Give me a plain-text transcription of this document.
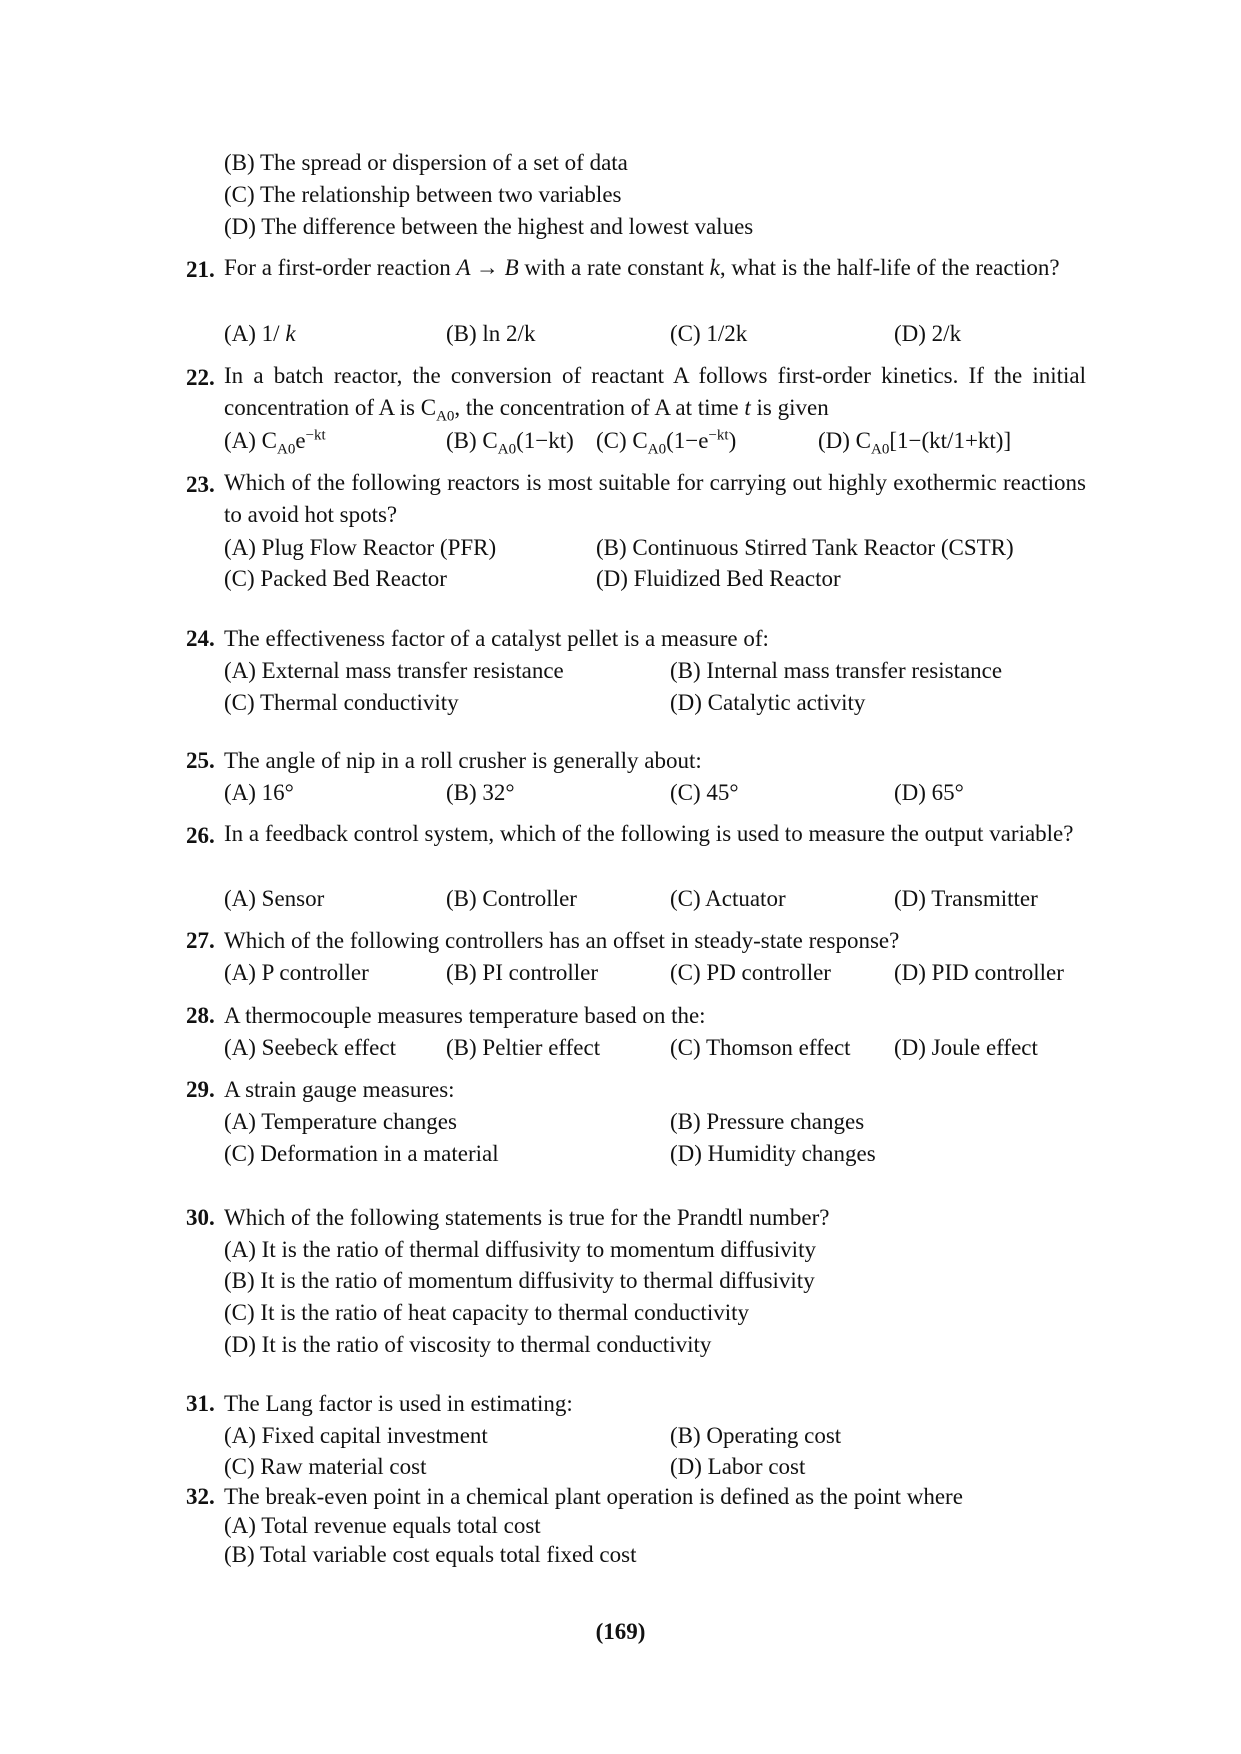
(B) The spread or dispersion of a set of data
(C) The relationship between two variables
(D) The difference between the highest and lowest values
21. For a first-order reaction A → B with a rate constant k, what is the half-life of the reaction?
(A) 1/ k	(B) ln 2/k	(C) 1/2k	(D) 2/k
22. In a batch reactor, the conversion of reactant A follows first-order kinetics. If the initial concentration of A is $C_{A0}$, the concentration of A at time t is given
(A) $C_{A0}e^{-kt}$	(B) $C_{A0}(1-kt)$ (C) $C_{A0}(1-e^{-kt})$	(D) $C_{A0}[1-(kt/1+kt)]$
23. Which of the following reactors is most suitable for carrying out highly exothermic reactions to avoid hot spots?
(A) Plug Flow Reactor (PFR)	(B) Continuous Stirred Tank Reactor (CSTR)
(C) Packed Bed Reactor	(D) Fluidized Bed Reactor
24. The effectiveness factor of a catalyst pellet is a measure of:
(A) External mass transfer resistance	(B) Internal mass transfer resistance
(C) Thermal conductivity	(D) Catalytic activity
25. The angle of nip in a roll crusher is generally about:
(A) 16°	(B) 32°	(C) 45°	(D) 65°
26. In a feedback control system, which of the following is used to measure the output variable?
(A) Sensor	(B) Controller	(C) Actuator	(D) Transmitter
27. Which of the following controllers has an offset in steady-state response?
(A) P controller	(B) PI controller	(C) PD controller	(D) PID controller
28. A thermocouple measures temperature based on the:
(A) Seebeck effect (B) Peltier effect	(C) Thomson effect (D) Joule effect
29. A strain gauge measures:
(A) Temperature changes	(B) Pressure changes
(C) Deformation in a material	(D) Humidity changes
30. Which of the following statements is true for the Prandtl number?
(A) It is the ratio of thermal diffusivity to momentum diffusivity
(B) It is the ratio of momentum diffusivity to thermal diffusivity
(C) It is the ratio of heat capacity to thermal conductivity
(D) It is the ratio of viscosity to thermal conductivity
31. The Lang factor is used in estimating:
(A) Fixed capital investment	(B) Operating cost
(C) Raw material cost	(D) Labor cost
32. The break-even point in a chemical plant operation is defined as the point where
(A) Total revenue equals total cost
(B) Total variable cost equals total fixed cost
(169)
